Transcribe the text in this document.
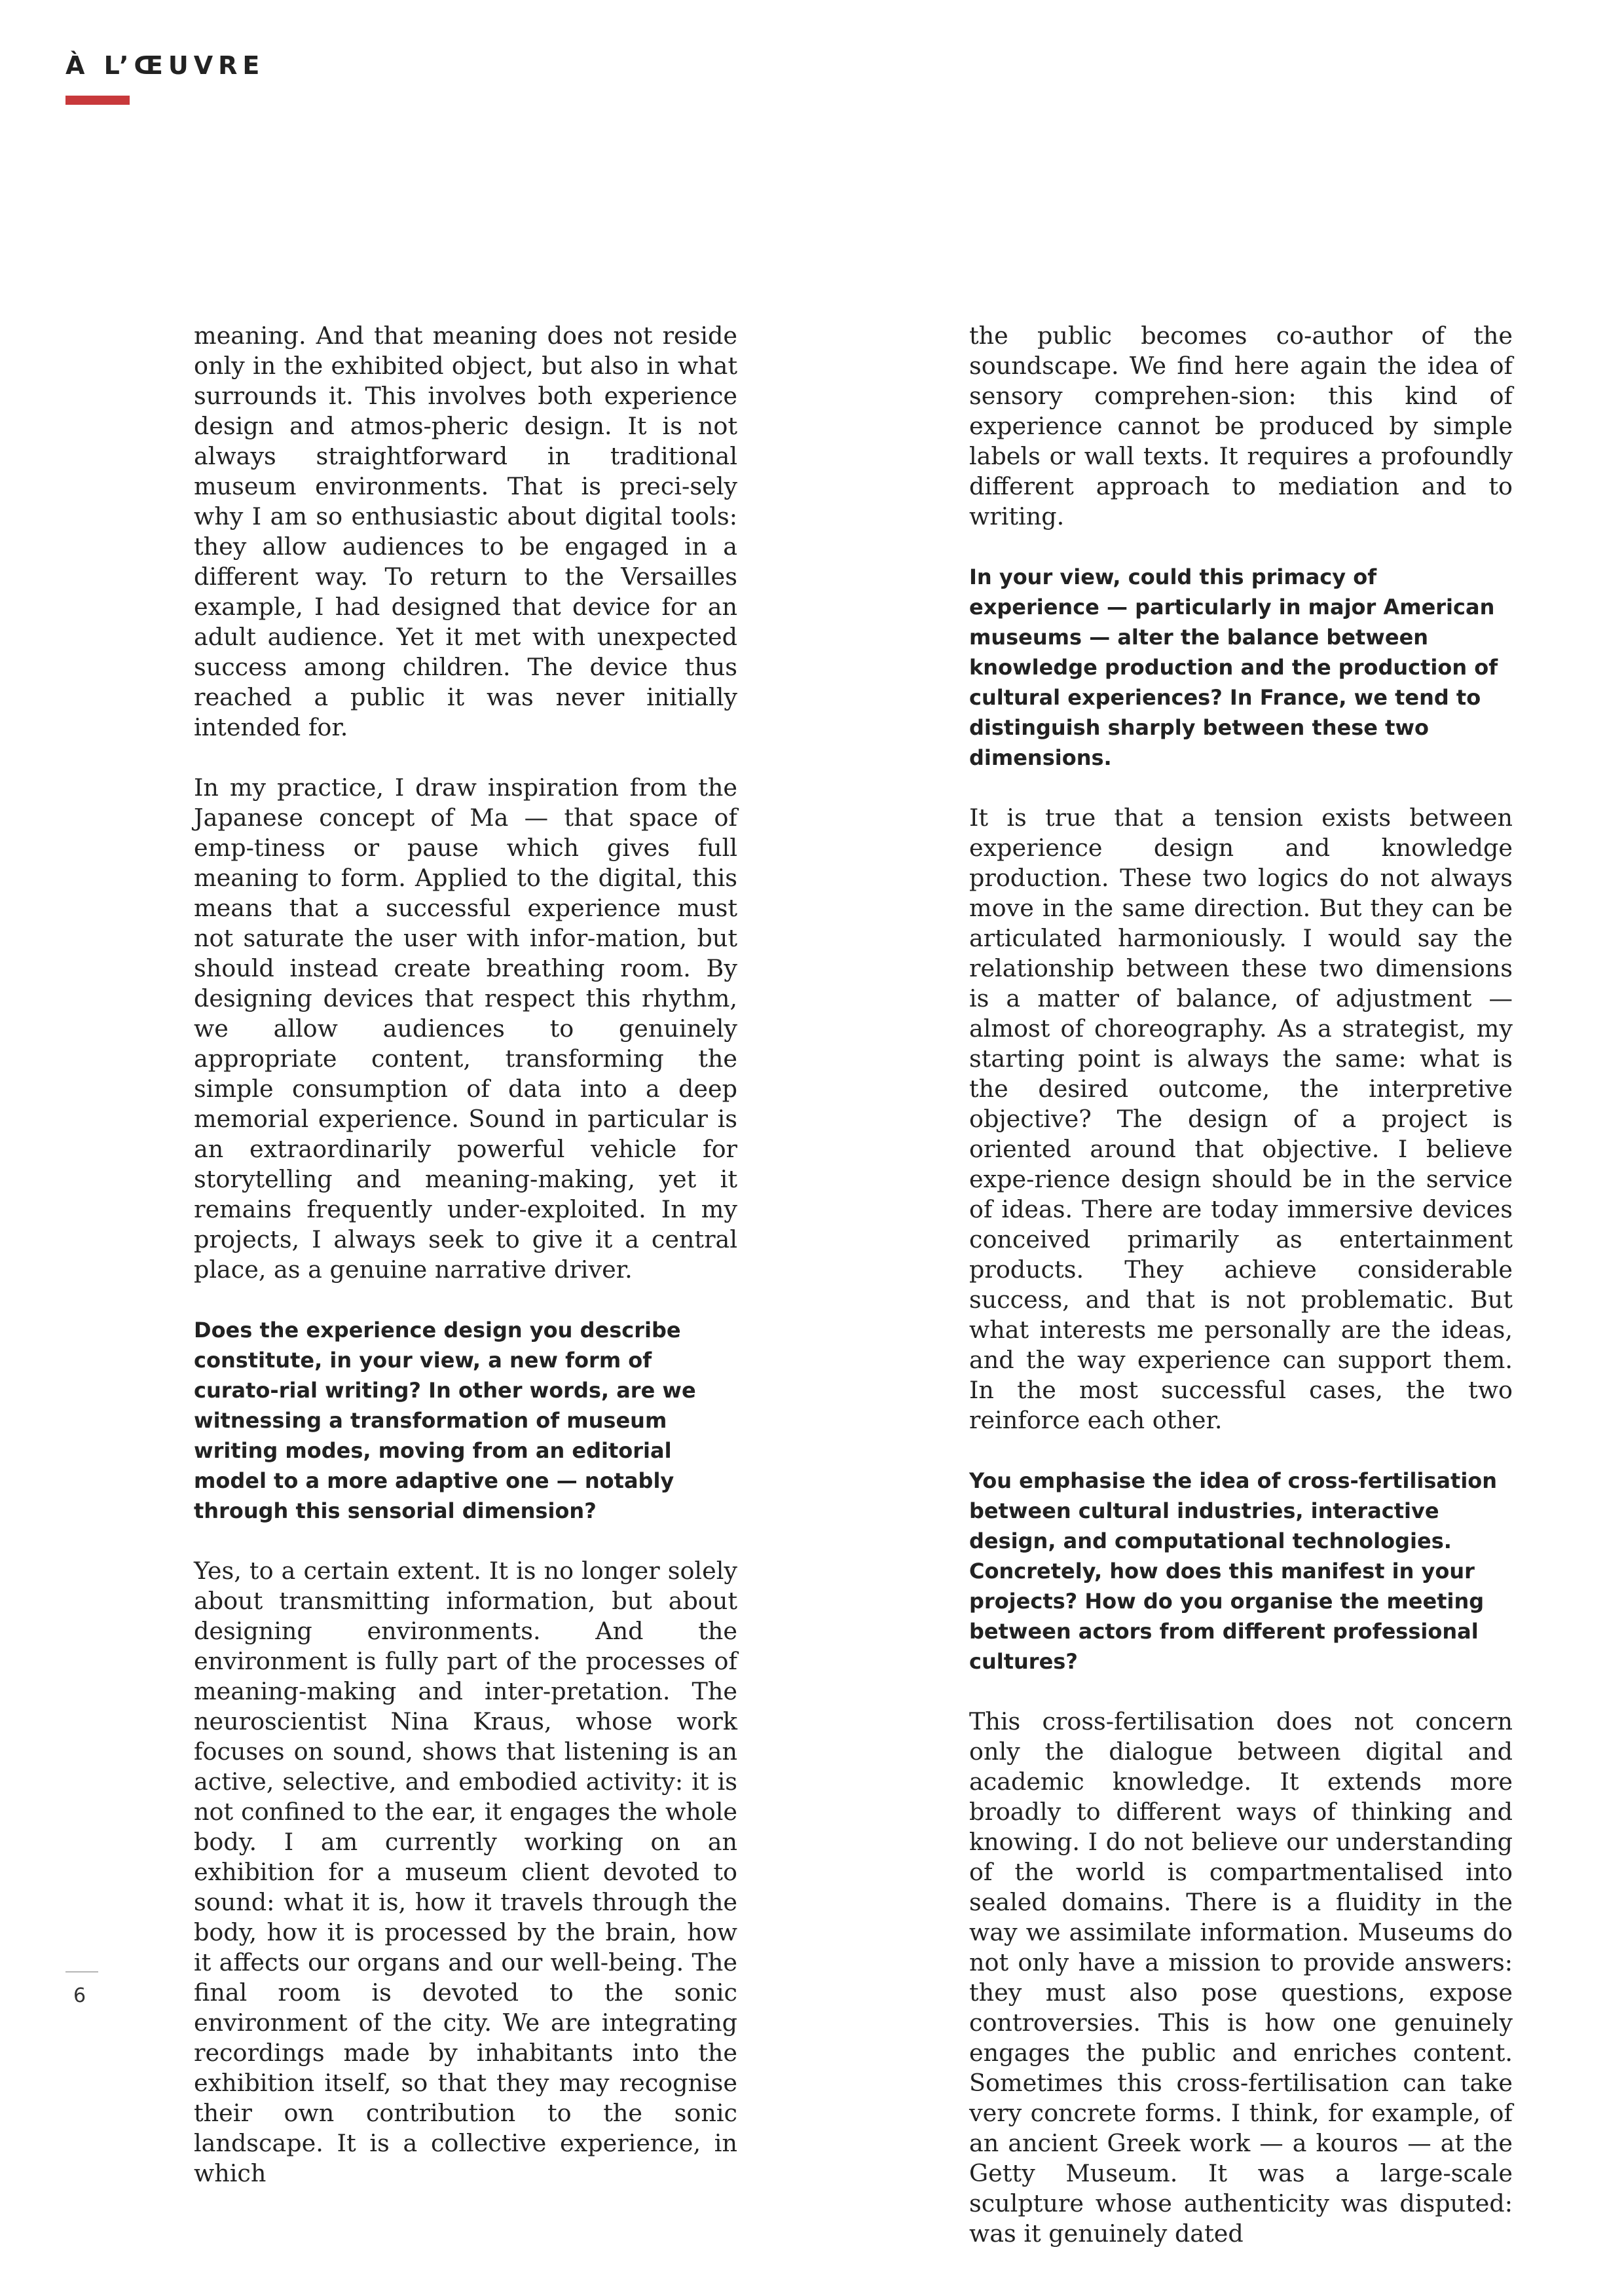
À L’ŒUVRE

meaning. And that meaning does not reside only in the exhibited object, but also in what surrounds it. This involves both experience design and atmos-pheric design. It is not always straightforward in traditional museum environments. That is preci-sely why I am so enthusiastic about digital tools: they allow audiences to be engaged in a different way. To return to the Versailles example, I had designed that device for an adult audience. Yet it met with unexpected success among children. The device thus reached a public it was never initially intended for.

In my practice, I draw inspiration from the Japanese concept of Ma — that space of emp-tiness or pause which gives full meaning to form. Applied to the digital, this means that a successful experience must not saturate the user with infor-mation, but should instead create breathing room. By designing devices that respect this rhythm, we allow audiences to genuinely appropriate content, transforming the simple consumption of data into a deep memorial experience. Sound in particular is an extraordinarily powerful vehicle for storytelling and meaning-making, yet it remains frequently under-exploited. In my projects, I always seek to give it a central place, as a genuine narrative driver.

Does the experience design you describe constitute, in your view, a new form of curato-rial writing? In other words, are we witnessing a transformation of museum writing modes, moving from an editorial model to a more adaptive one — notably through this sensorial dimension?

Yes, to a certain extent. It is no longer solely about transmitting information, but about designing environments. And the environment is fully part of the processes of meaning-making and inter-pretation. The neuroscientist Nina Kraus, whose work focuses on sound, shows that listening is an active, selective, and embodied activity: it is not confined to the ear, it engages the whole body. I am currently working on an exhibition for a museum client devoted to sound: what it is, how it travels through the body, how it is processed by the brain, how it affects our organs and our well-being. The final room is devoted to the sonic environment of the city. We are integrating recordings made by inhabitants into the exhibition itself, so that they may recognise their own contribution to the sonic landscape. It is a collective experience, in which

the public becomes co-author of the soundscape. We find here again the idea of sensory comprehen-sion: this kind of experience cannot be produced by simple labels or wall texts. It requires a profoundly different approach to mediation and to writing.

In your view, could this primacy of experience — particularly in major American museums — alter the balance between knowledge production and the production of cultural experiences? In France, we tend to distinguish sharply between these two dimensions.

It is true that a tension exists between experience design and knowledge production. These two logics do not always move in the same direction. But they can be articulated harmoniously. I would say the relationship between these two dimensions is a matter of balance, of adjustment — almost of choreography. As a strategist, my starting point is always the same: what is the desired outcome, the interpretive objective? The design of a project is oriented around that objective. I believe expe-rience design should be in the service of ideas. There are today immersive devices conceived primarily as entertainment products. They achieve considerable success, and that is not problematic. But what interests me personally are the ideas, and the way experience can support them. In the most successful cases, the two reinforce each other.

You emphasise the idea of cross-fertilisation between cultural industries, interactive design, and computational technologies. Concretely, how does this manifest in your projects? How do you organise the meeting between actors from different professional cultures?

This cross-fertilisation does not concern only the dialogue between digital and academic knowledge. It extends more broadly to different ways of thinking and knowing. I do not believe our understanding of the world is compartmentalised into sealed domains. There is a fluidity in the way we assimilate information. Museums do not only have a mission to provide answers: they must also pose questions, expose controversies. This is how one genuinely engages the public and enriches content. Sometimes this cross-fertilisation can take very concrete forms. I think, for example, of an ancient Greek work — a kouros — at the Getty Museum. It was a large-scale sculpture whose authenticity was disputed: was it genuinely dated

6
